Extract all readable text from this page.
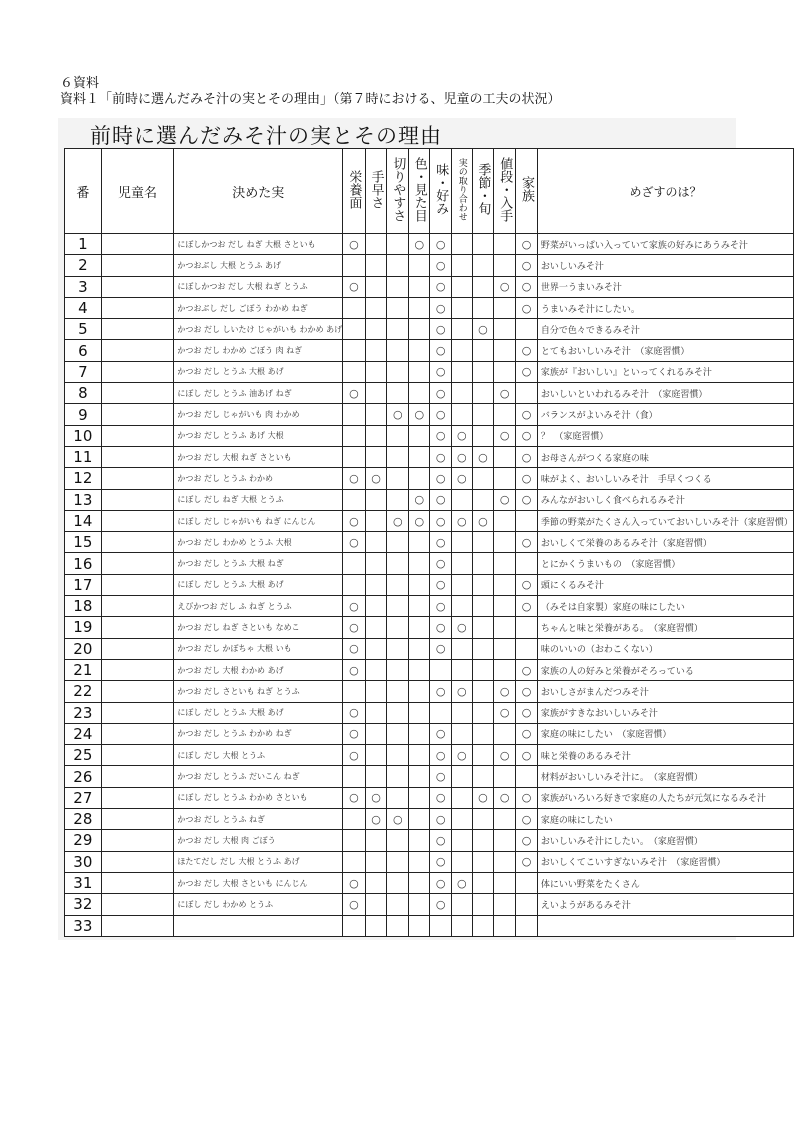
６資料
資料１「前時に選んだみそ汁の実とその理由」（第７時における、児童の工夫の状況）
前時に選んだみそ汁の実とその理由
番	児童名	決めた実	栄養面	手早さ	切りやすさ	色・見た目	味・好み	実の取り合わせ	季節・旬	値段・入手	家族	めざすのは？
1		にぼしかつお だし ねぎ 大根 さといも	○			○	○				○	野菜がいっぱい入っていて家族の好みにあうみそ汁
2		かつおぶし 大根 とうふ あげ					○				○	おいしいみそ汁
3		にぼしかつお だし 大根 ねぎ とうふ	○				○			○	○	世界一うまいみそ汁
4		かつおぶし だし ごぼう わかめ ねぎ					○				○	うまいみそ汁にしたい。
5		かつお だし しいたけ じゃがいも わかめ あげ					○		○			自分で色々できるみそ汁
6		かつお だし わかめ ごぼう 肉 ねぎ					○				○	とてもおいしいみそ汁　（家庭習慣）
7		かつお だし とうふ 大根 あげ					○				○	家族が『おいしい』といってくれるみそ汁
8		にぼし だし とうふ 油あげ ねぎ	○				○			○		おいしいといわれるみそ汁　（家庭習慣）
9		かつお だし じゃがいも 肉 わかめ			○	○	○				○	バランスがよいみそ汁（食）
10		かつお だし とうふ あげ 大根					○	○		○	○	？　（家庭習慣）
11		かつお だし 大根 ねぎ さといも					○	○	○		○	お母さんがつくる家庭の味
12		かつお だし とうふ わかめ	○	○			○	○			○	味がよく、おいしいみそ汁　手早くつくる
13		にぼし だし ねぎ 大根 とうふ				○	○			○	○	みんながおいしく食べられるみそ汁
14		にぼし だし じゃがいも ねぎ にんじん	○		○	○	○	○	○			季節の野菜がたくさん入っていておいしいみそ汁（家庭習慣）
15		かつお だし わかめ とうふ 大根	○				○				○	おいしくて栄養のあるみそ汁（家庭習慣）
16		かつお だし とうふ 大根 ねぎ					○					とにかくうまいもの　（家庭習慣）
17		にぼし だし とうふ 大根 あげ					○				○	頭にくるみそ汁
18		えびかつお だし ふ ねぎ とうふ	○				○				○	（みそは自家製）家庭の味にしたい
19		かつお だし ねぎ さといも なめこ	○				○	○				ちゃんと味と栄養がある。　（家庭習慣）
20		かつお だし かぼちゃ 大根 いも	○				○					味のいいの（おわこくない）
21		かつお だし 大根 わかめ あげ	○								○	家族の人の好みと栄養がそろっている
22		かつお だし さといも ねぎ とうふ					○	○		○	○	おいしさがまんだつみそ汁
23		にぼし だし とうふ 大根 あげ	○							○	○	家族がすきなおいしいみそ汁
24		かつお だし とうふ わかめ ねぎ	○				○				○	家庭の味にしたい　（家庭習慣）
25		にぼし だし 大根 とうふ	○				○	○		○	○	味と栄養のあるみそ汁
26		かつお だし とうふ だいこん ねぎ					○					材料がおいしいみそ汁に。　（家庭習慣）
27		にぼし だし とうふ わかめ さといも	○	○			○		○	○	○	家族がいろいろ好きで家庭の人たちが元気になるみそ汁
28		かつお だし とうふ ねぎ		○	○		○				○	家庭の味にしたい
29		かつお だし 大根 肉 ごぼう					○				○	おいしいみそ汁にしたい。　（家庭習慣）
30		ほたてだし だし 大根 とうふ あげ					○				○	おいしくてこいすぎないみそ汁　（家庭習慣）
31		かつお だし 大根 さといも にんじん	○				○	○				体にいい野菜をたくさん
32		にぼし だし わかめ とうふ	○				○					えいようがあるみそ汁
33												
